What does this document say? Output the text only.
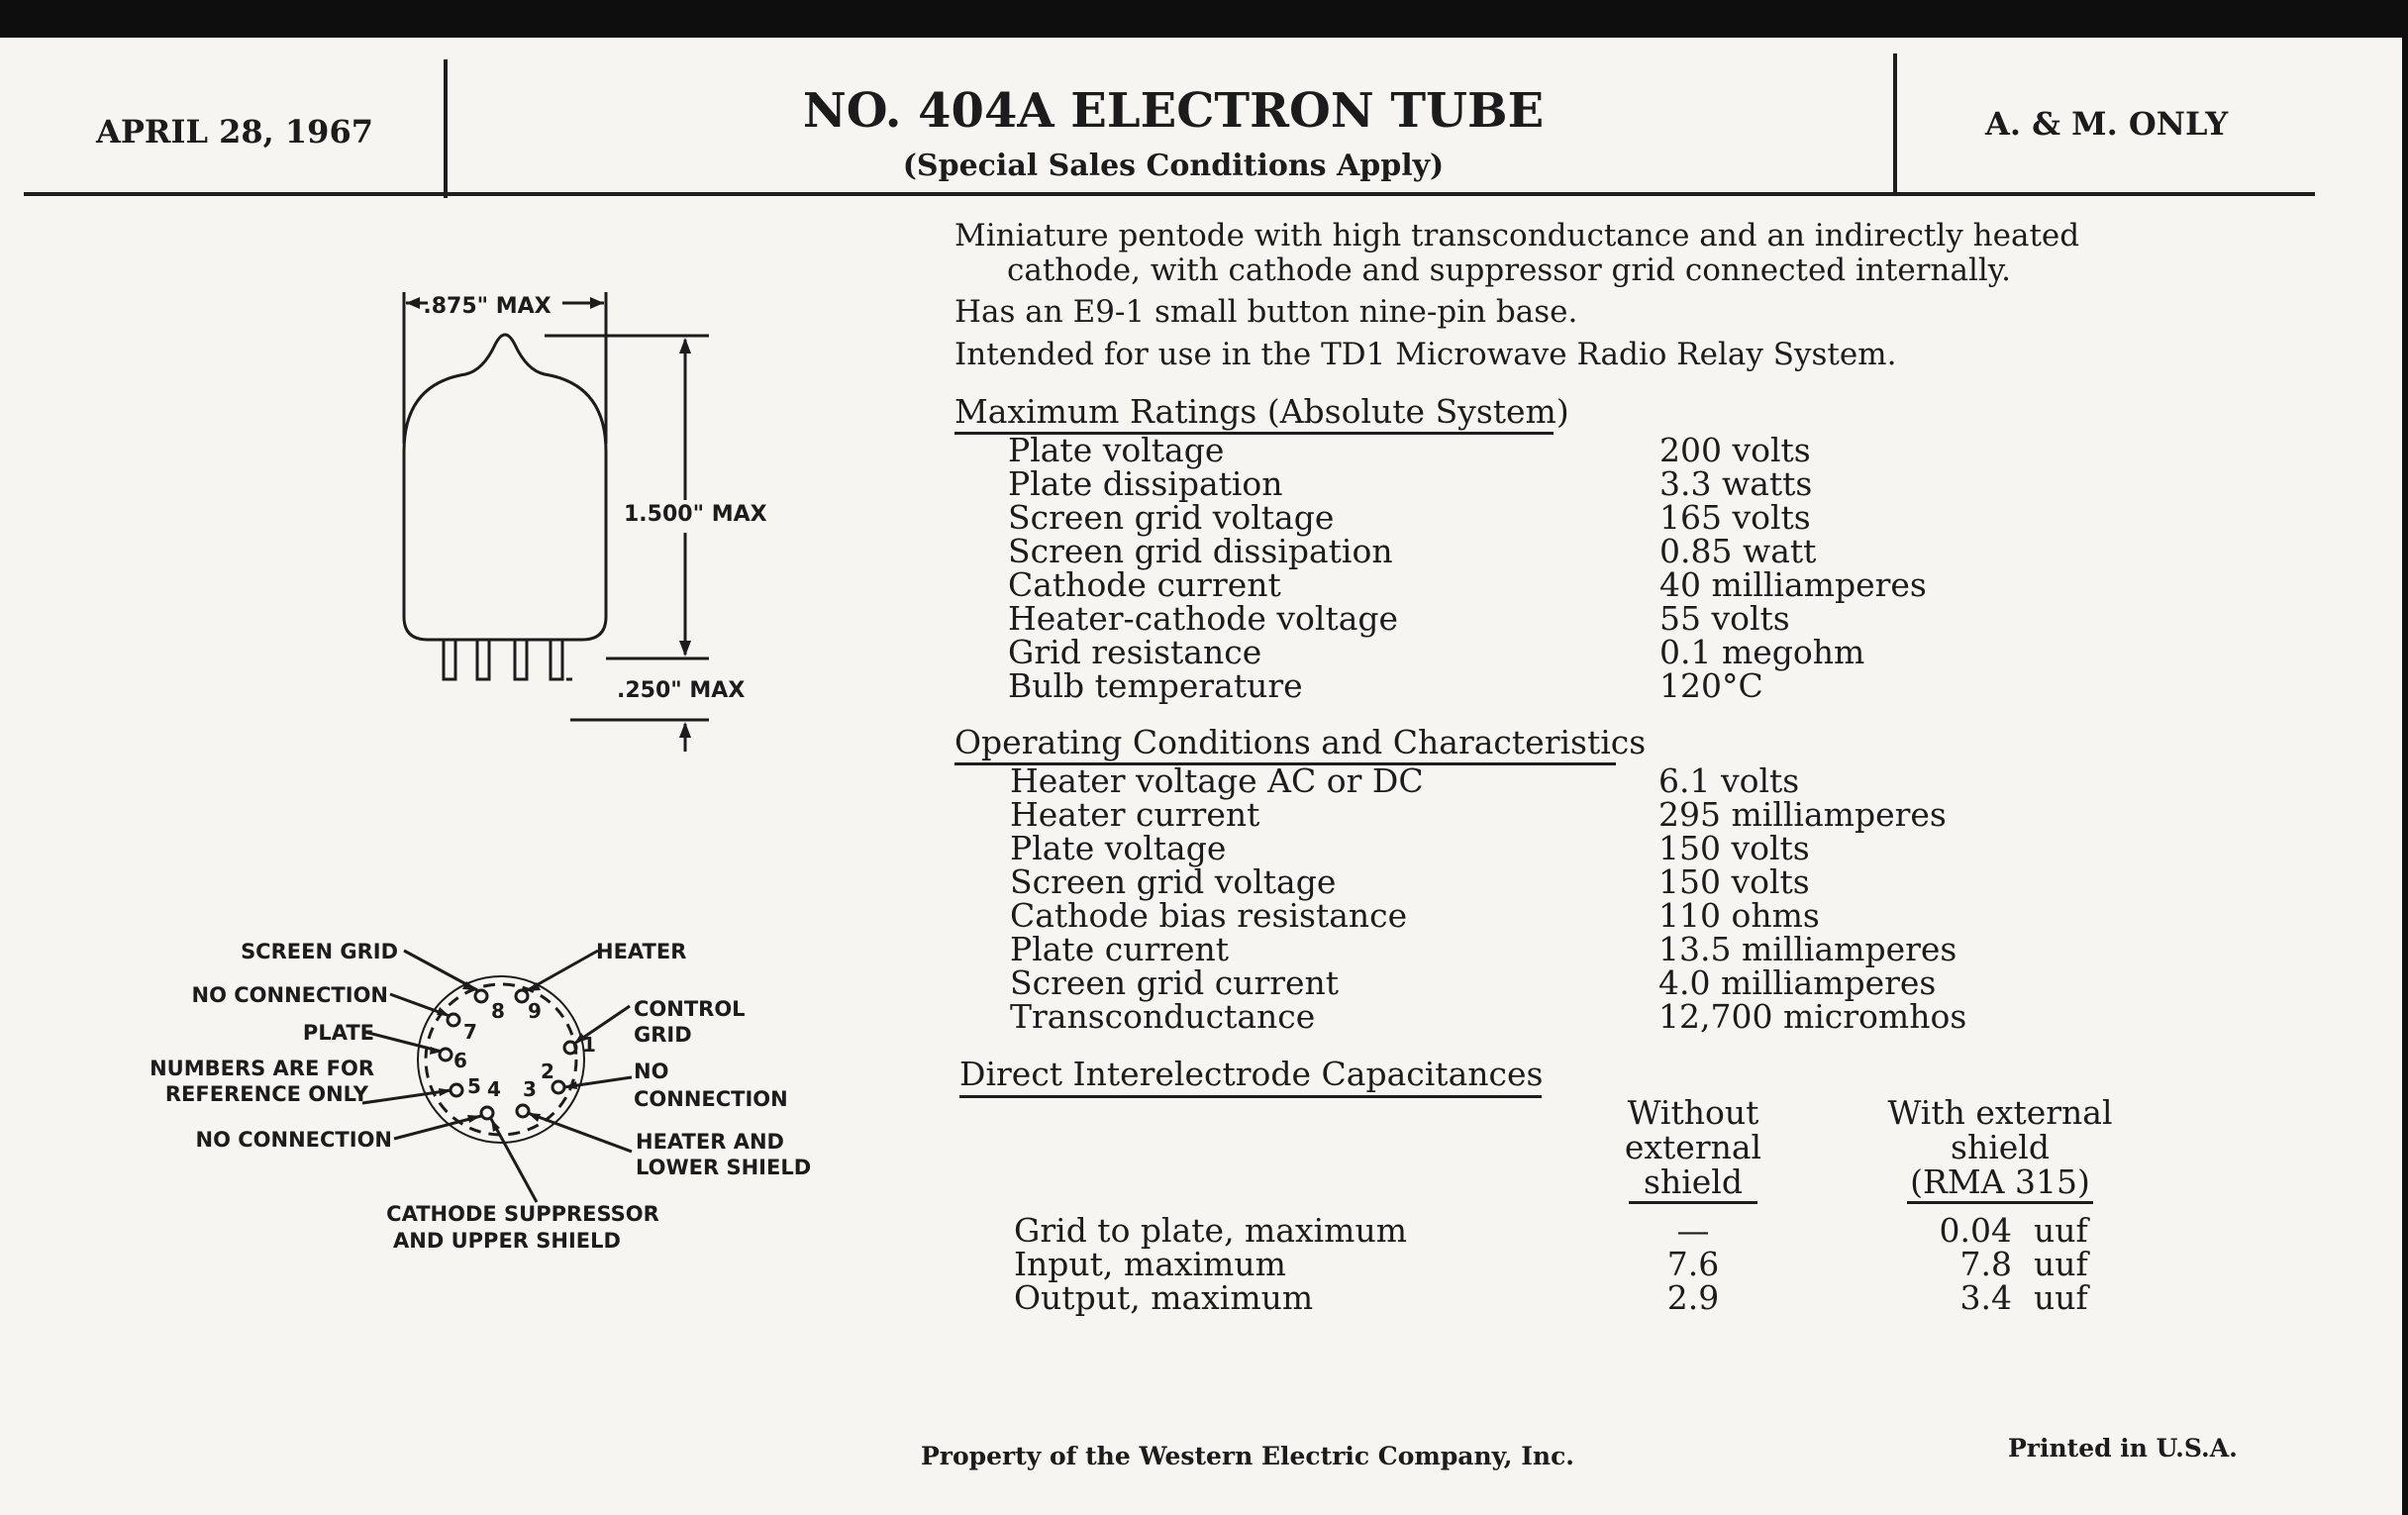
APRIL 28, 1967	NO. 404A ELECTRON TUBE
(Special Sales Conditions Apply)
A. & M. ONLY
.875" MAX
1.500" MAX
.250" MAX
1
2
3
4
5
6
7
8 9
SCREEN GRID	HEATER
NO CONNECTION
CONTROL
GRID
PLATE
NO
CONNECTION
NUMBERS ARE FOR
REFERENCE ONLY
NO CONNECTION	HEATER AND
LOWER SHIELD
CATHODE SUPPRESSOR
AND UPPER SHIELD
Miniature pentode with high transconductance and an indirectly heated
cathode, with cathode and suppressor grid connected internally.
Has an E9-1 small button nine-pin base.
Intended for use in the TD1 Microwave Radio Relay System.
Maximum Ratings (Absolute System)
Plate voltage	200 volts
Plate dissipation	3.3 watts
Screen grid voltage	165 volts
Screen grid dissipation	0.85 watt
Cathode current	40 milliamperes
Heater-cathode voltage	55 volts
Grid resistance	0.1 megohm
Bulb temperature	120°C
Operating Conditions and Characteristics
Heater voltage AC or DC	6.1 volts
Heater current	295 milliamperes
Plate voltage	150 volts
Screen grid voltage	150 volts
Cathode bias resistance	110 ohms
Plate current	13.5 milliamperes
Screen grid current	4.0 milliamperes
Transconductance	12,700 micromhos
Direct Interelectrode Capacitances
Without
external
shield
With external
shield
(RMA 315)
Grid to plate, maximum	—	0.04 uuf
Input, maximum	7.6	7.8 uuf
Output, maximum	2.9	3.4 uuf
Property of the Western Electric Company, Inc.	Printed in U.S.A.
